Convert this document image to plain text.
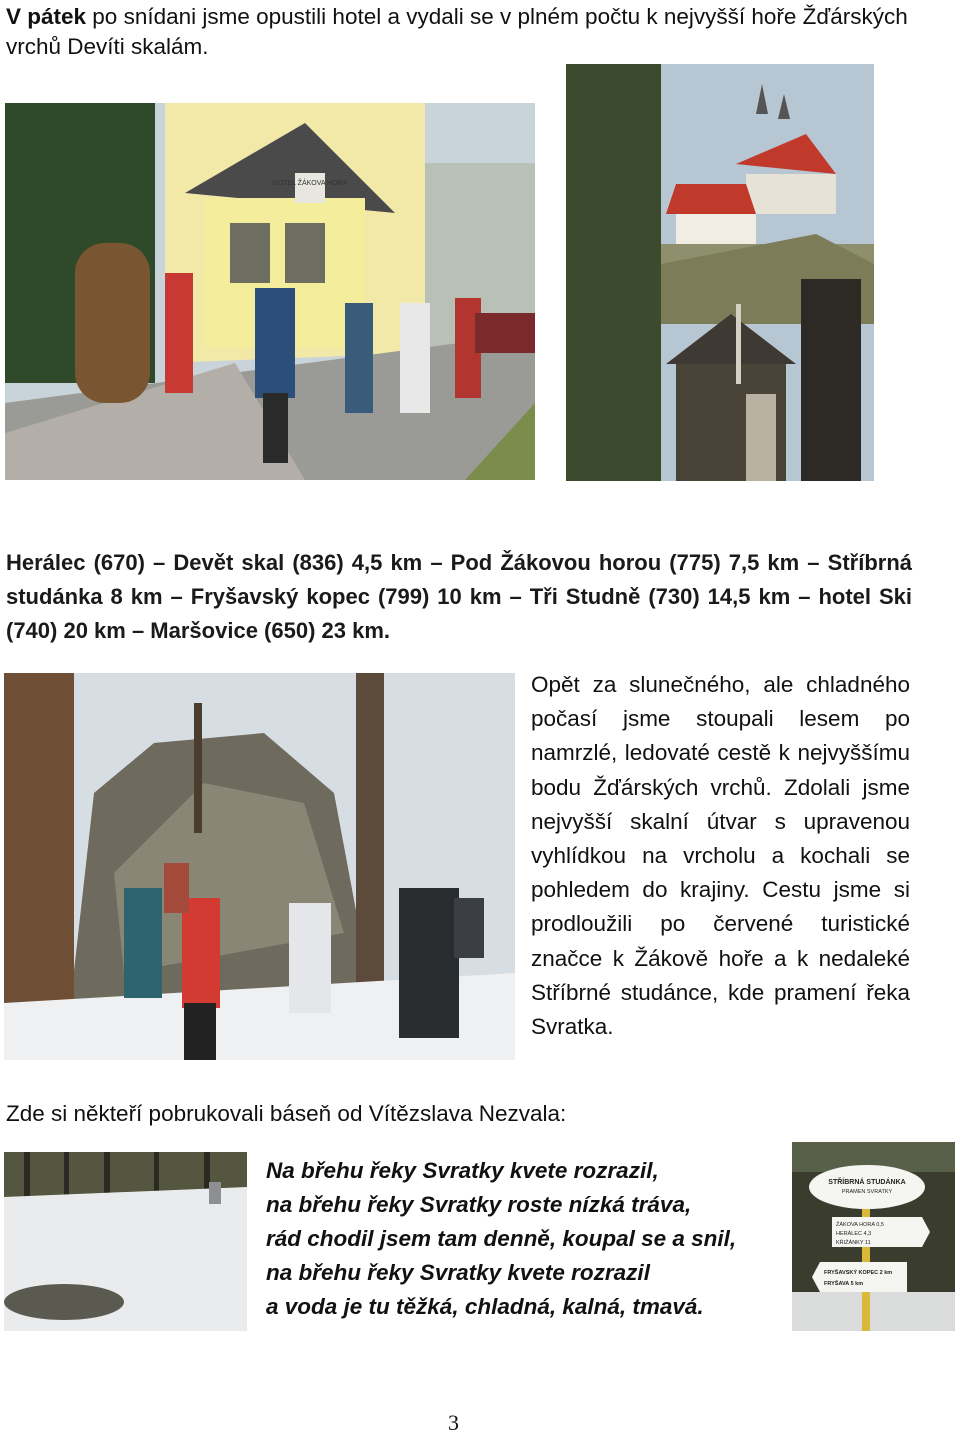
V pátek po snídani jsme opustili hotel a vydali se v plném počtu k nejvyšší hoře Žďárských vrchů Devíti skalám.
HOTEL ŽÁKOVA HORA
Herálec (670) – Devět skal (836) 4,5 km – Pod Žákovou horou (775) 7,5 km – Stříbrná studánka 8 km – Fryšavský kopec (799) 10 km – Tři Studně (730) 14,5 km – hotel Ski (740) 20 km – Maršovice (650) 23 km.
Opět za slunečného, ale chladného počasí jsme stoupali lesem po namrzlé, ledovaté cestě k nejvyššímu bodu Žďárských vrchů. Zdolali jsme nejvyšší skalní útvar s upravenou vyhlídkou na vrcholu a kochali se pohledem do krajiny. Cestu jsme si prodloužili po červené turistické značce k Žákově hoře a k nedaleké Stříbrné studánce, kde pramení řeka Svratka.
Zde si někteří pobrukovali báseň od Vítězslava Nezvala:
Na břehu řeky Svratky kvete rozrazil,
na břehu řeky Svratky roste nízká tráva,
rád chodil jsem tam denně, koupal se a snil,
na břehu řeky Svratky kvete rozrazil
a voda je tu těžká, chladná, kalná, tmavá.
STŘÍBRNÁ STUDÁNKA
PRAMEN SVRATKY
ŽÁKOVA HORA 0,5
HERÁLEC 4,3
KŘIŽÁNKY 11
FRYŠAVSKÝ KOPEC 2 km
FRYŠAVA 5 km
3
